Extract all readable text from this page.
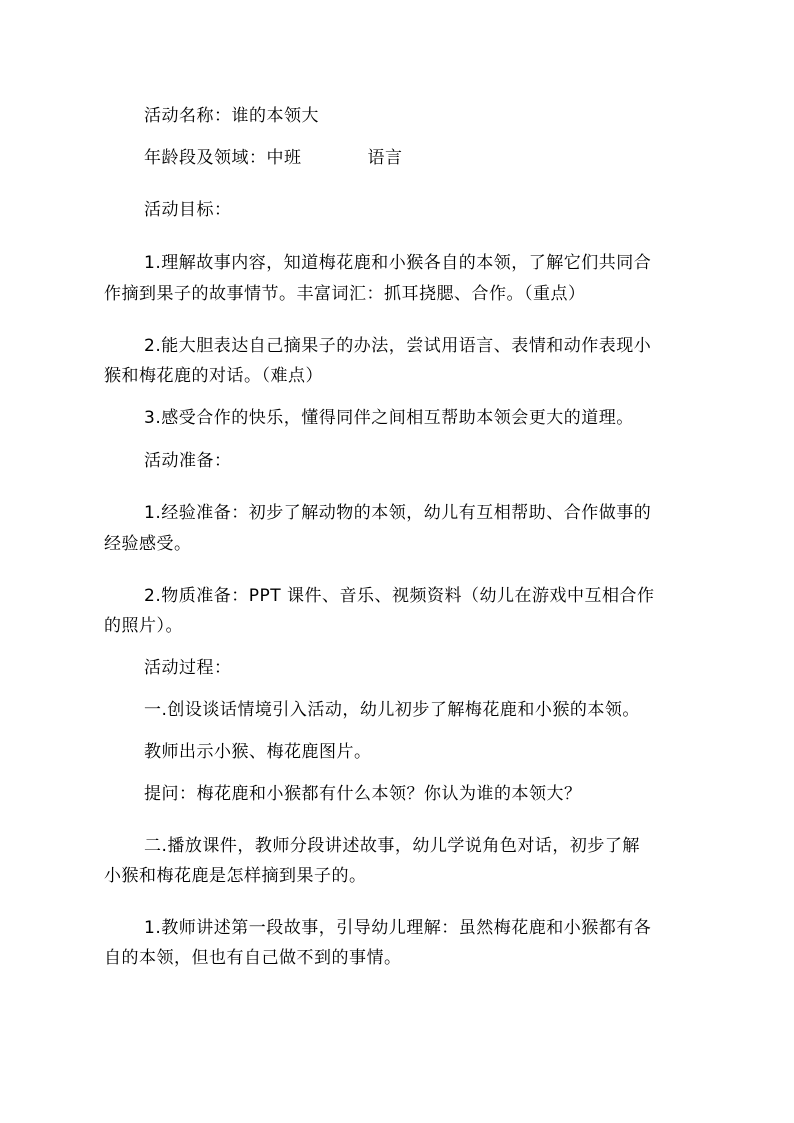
活动名称：谁的本领大
年龄段及领域：中班	语言
活动目标：
1.理解故事内容，知道梅花鹿和小猴各自的本领，了解它们共同合
作摘到果子的故事情节。丰富词汇：抓耳挠腮、合作。（重点）
2.能大胆表达自己摘果子的办法，尝试用语言、表情和动作表现小
猴和梅花鹿的对话。（难点）
3.感受合作的快乐，懂得同伴之间相互帮助本领会更大的道理。
活动准备：
1.经验准备：初步了解动物的本领，幼儿有互相帮助、合作做事的
经验感受。
2.物质准备：PPT 课件、音乐、视频资料（幼儿在游戏中互相合作
的照片）。
活动过程：
一.创设谈话情境引入活动，幼儿初步了解梅花鹿和小猴的本领。
教师出示小猴、梅花鹿图片。
提问：梅花鹿和小猴都有什么本领？你认为谁的本领大？
二.播放课件，教师分段讲述故事，幼儿学说角色对话，初步了解
小猴和梅花鹿是怎样摘到果子的。
1.教师讲述第一段故事，引导幼儿理解：虽然梅花鹿和小猴都有各
自的本领，但也有自己做不到的事情。
